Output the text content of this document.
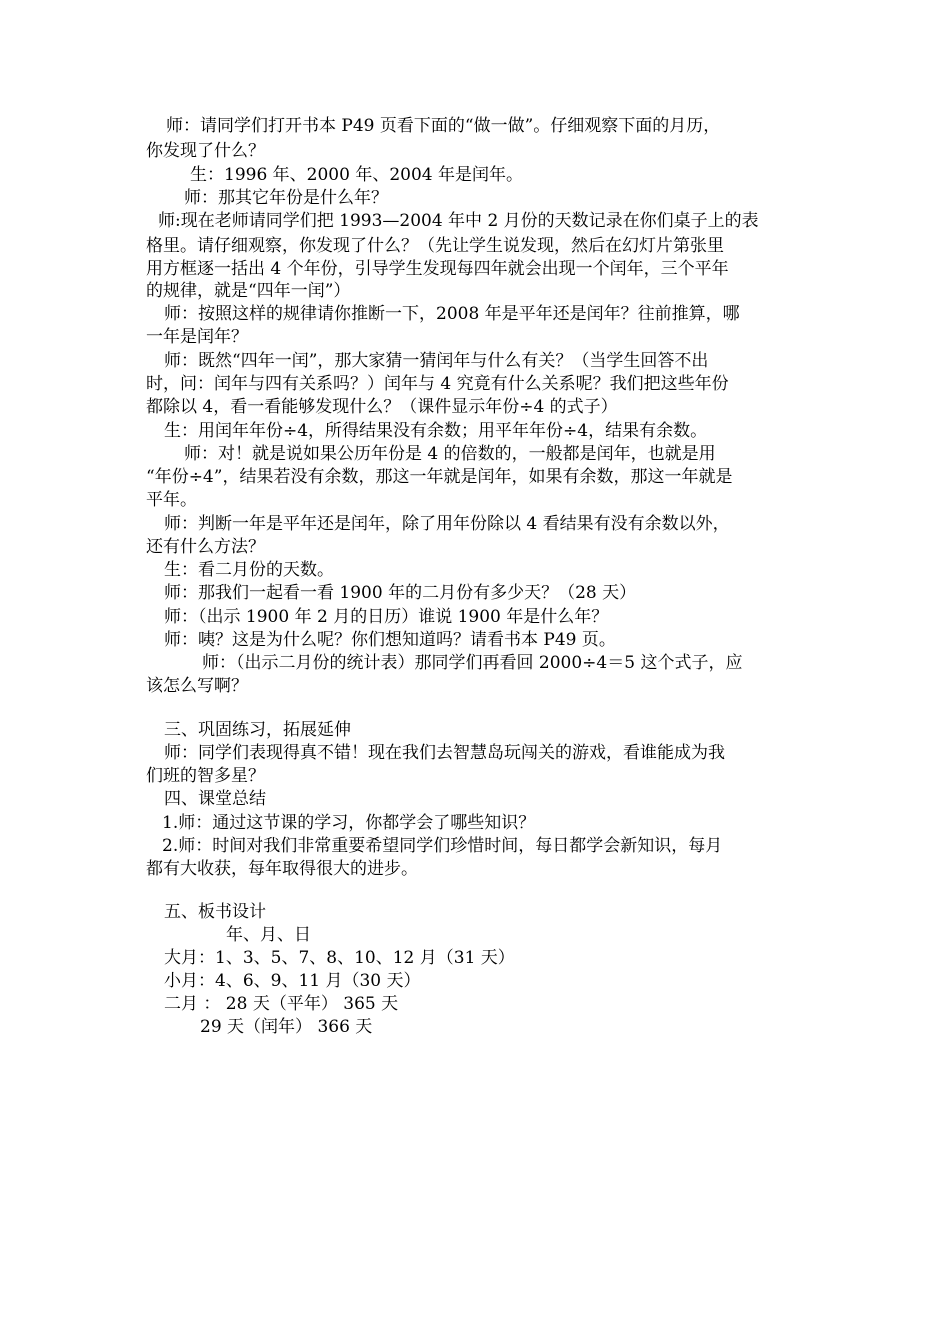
师：请同学们打开书本 P49 页看下面的“做一做”。仔细观察下面的月历，
你发现了什么？
生：1996 年、2000 年、2004 年是闰年。
师：那其它年份是什么年？
师:现在老师请同学们把 1993—2004 年中 2 月份的天数记录在你们桌子上的表
格里。请仔细观察，你发现了什么？（先让学生说发现，然后在幻灯片第张里
用方框逐一括出 4 个年份，引导学生发现每四年就会出现一个闰年，三个平年
的规律，就是“四年一闰”）
师：按照这样的规律请你推断一下，2008 年是平年还是闰年？往前推算，哪
一年是闰年？
师：既然“四年一闰”，那大家猜一猜闰年与什么有关？（当学生回答不出
时，问：闰年与四有关系吗？）闰年与 4 究竟有什么关系呢？我们把这些年份
都除以 4，看一看能够发现什么？（课件显示年份÷4 的式子）
生：用闰年年份÷4，所得结果没有余数；用平年年份÷4，结果有余数。
师：对！就是说如果公历年份是 4 的倍数的，一般都是闰年，也就是用
“年份÷4”，结果若没有余数，那这一年就是闰年，如果有余数，那这一年就是
平年。
师：判断一年是平年还是闰年，除了用年份除以 4 看结果有没有余数以外，
还有什么方法？
生：看二月份的天数。
师：那我们一起看一看 1900 年的二月份有多少天？（28 天）
师：（出示 1900 年 2 月的日历）谁说 1900 年是什么年？
师：咦？这是为什么呢？你们想知道吗？请看书本 P49 页。
师：（出示二月份的统计表）那同学们再看回 2000÷4＝5 这个式子，应
该怎么写啊？
三、巩固练习，拓展延伸
师：同学们表现得真不错！现在我们去智慧岛玩闯关的游戏，看谁能成为我
们班的智多星？
四、课堂总结
1.师：通过这节课的学习，你都学会了哪些知识？
2.师：时间对我们非常重要希望同学们珍惜时间，每日都学会新知识，每月
都有大收获，每年取得很大的进步。
五、板书设计
年、月、日
大月：1、3、5、7、8、10、12 月（31 天）
小月：4、6、9、11 月（30 天）
二月 ： 28 天（平年） 365 天
29 天（闰年） 366 天
